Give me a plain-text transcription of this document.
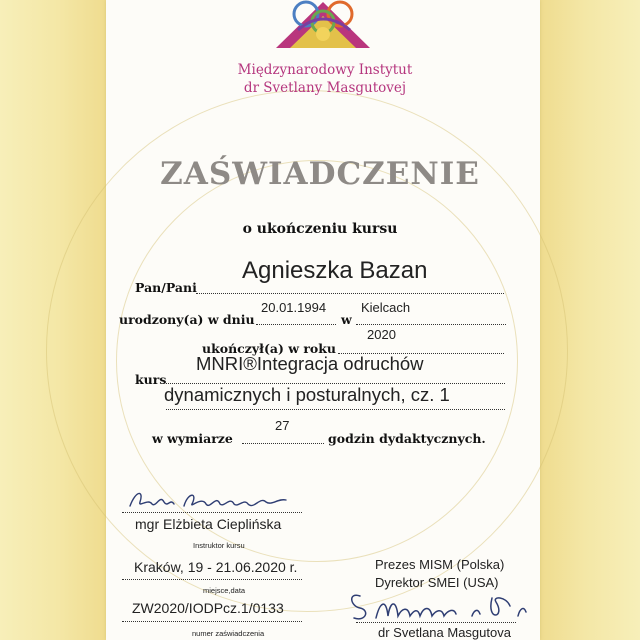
Międzynarodowy Instytut
dr Svetlany Masgutovej
ZAŚWIADCZENIE
o ukończeniu kursu
Pan/Pani
Agnieszka Bazan
urodzony(a) w dniu
20.01.1994
w
Kielcach
ukończył(a) w roku
2020
kurs
MNRI®Integracja odruchów
dynamicznych i posturalnych, cz. 1
w wymiarze
27
godzin dydaktycznych.
mgr Elżbieta Cieplińska
Instruktor kursu
Kraków, 19 - 21.06.2020 r.
miejsce,data
ZW2020/IODPcz.1/0133
numer zaświadczenia
Prezes MISM (Polska)
Dyrektor SMEI (USA)
dr Svetlana Masgutova
